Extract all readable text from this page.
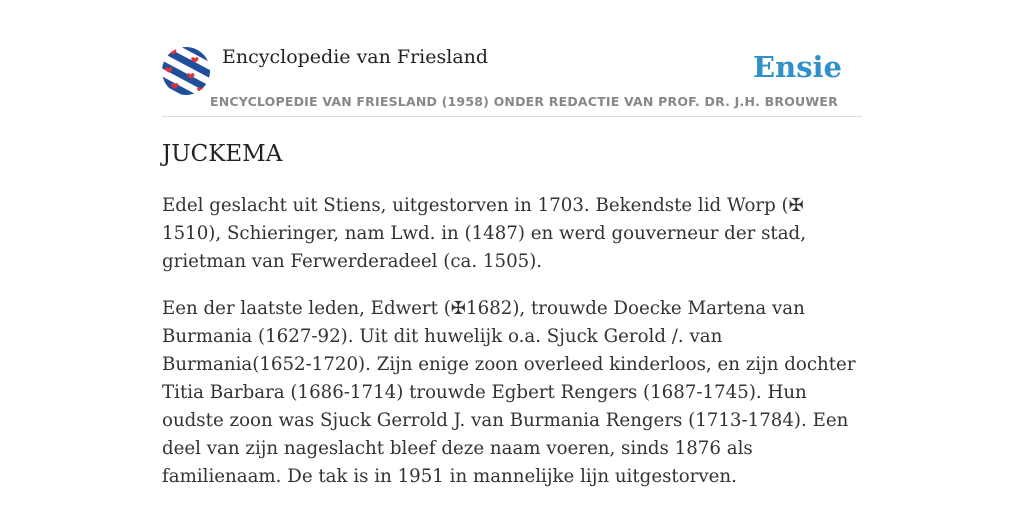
Encyclopedie van Friesland	Ensie
ENCYCLOPEDIE VAN FRIESLAND (1958) ONDER REDACTIE VAN PROF. DR. J.H. BROUWER
JUCKEMA

Edel geslacht uit Stiens, uitgestorven in 1703. Bekendste lid Worp (✠ 1510), Schieringer, nam Lwd. in (1487) en werd gouverneur der stad, grietman van Ferwerderadeel (ca. 1505).

Een der laatste leden, Edwert (✠1682), trouwde Doecke Martena van Burmania (1627-92). Uit dit huwelijk o.a. Sjuck Gerold /. van Burmania(1652-1720). Zijn enige zoon overleed kinderloos, en zijn dochter Titia Barbara (1686-1714) trouwde Egbert Rengers (1687-1745). Hun oudste zoon was Sjuck Gerrold J. van Burmania Rengers (1713-1784). Een deel van zijn nageslacht bleef deze naam voeren, sinds 1876 als familienaam. De tak is in 1951 in mannelijke lijn uitgestorven.
